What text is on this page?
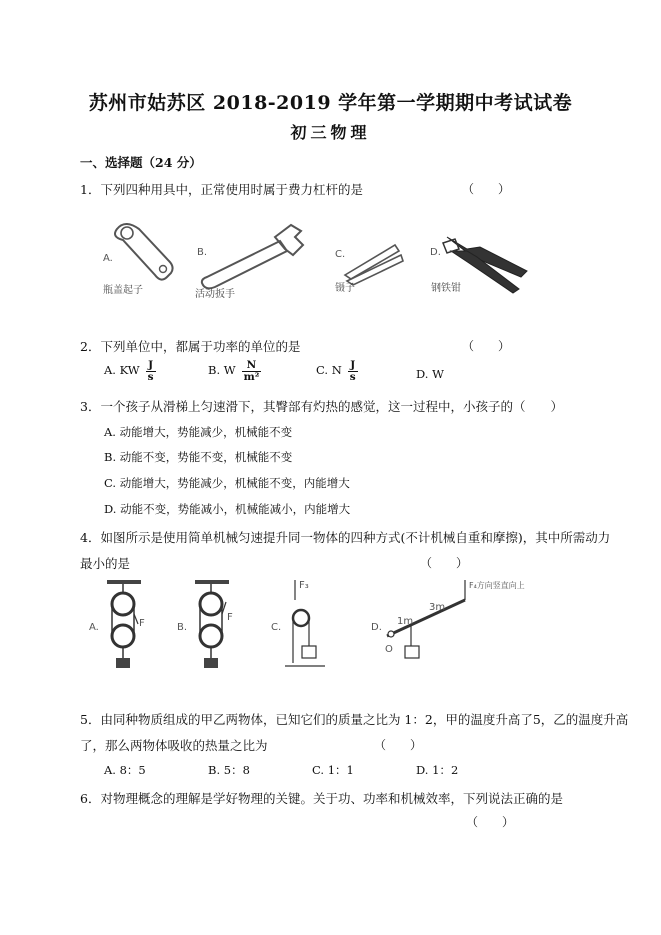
苏州市姑苏区 2018-2019 学年第一学期期中考试试卷
初三物理
一、选择题（24 分）
1．下列四种用具中，正常使用时属于费力杠杆的是	（　　）
A.
瓶盖起子
B.
活动扳手
C.
镊子
D.
钢铁钳
2．下列单位中，都属于功率的单位的是	（　　）
A. KW $\frac{J}{s}$	B. W $\frac{N}{\text{m²}}$	C. N $\frac{J}{s}$	D. W
3．一个孩子从滑梯上匀速滑下，其臀部有灼热的感觉，这一过程中，小孩子的（　　）
A. 动能增大，势能减少，机械能不变
B. 动能不变，势能不变，机械能不变
C. 动能增大，势能减少，机械能不变，内能增大
D. 动能不变，势能减小，机械能减小，内能增大
4．如图所示是使用简单机械匀速提升同一物体的四种方式(不计机械自重和摩擦)，其中所需动力
最小的是	（　　）
F
A.
F
B.
F₃
C.	D.
O
1m
3m
F₄方向竖直向上
5．由同种物质组成的甲乙两物体，已知它们的质量之比为 1：2，甲的温度升高了5，乙的温度升高
了，那么两物体吸收的热量之比为	（　　）
A. 8：5	B. 5：8	C. 1：1	D. 1：2
6．对物理概念的理解是学好物理的关键。关于功、功率和机械效率，下列说法正确的是
（　　）
